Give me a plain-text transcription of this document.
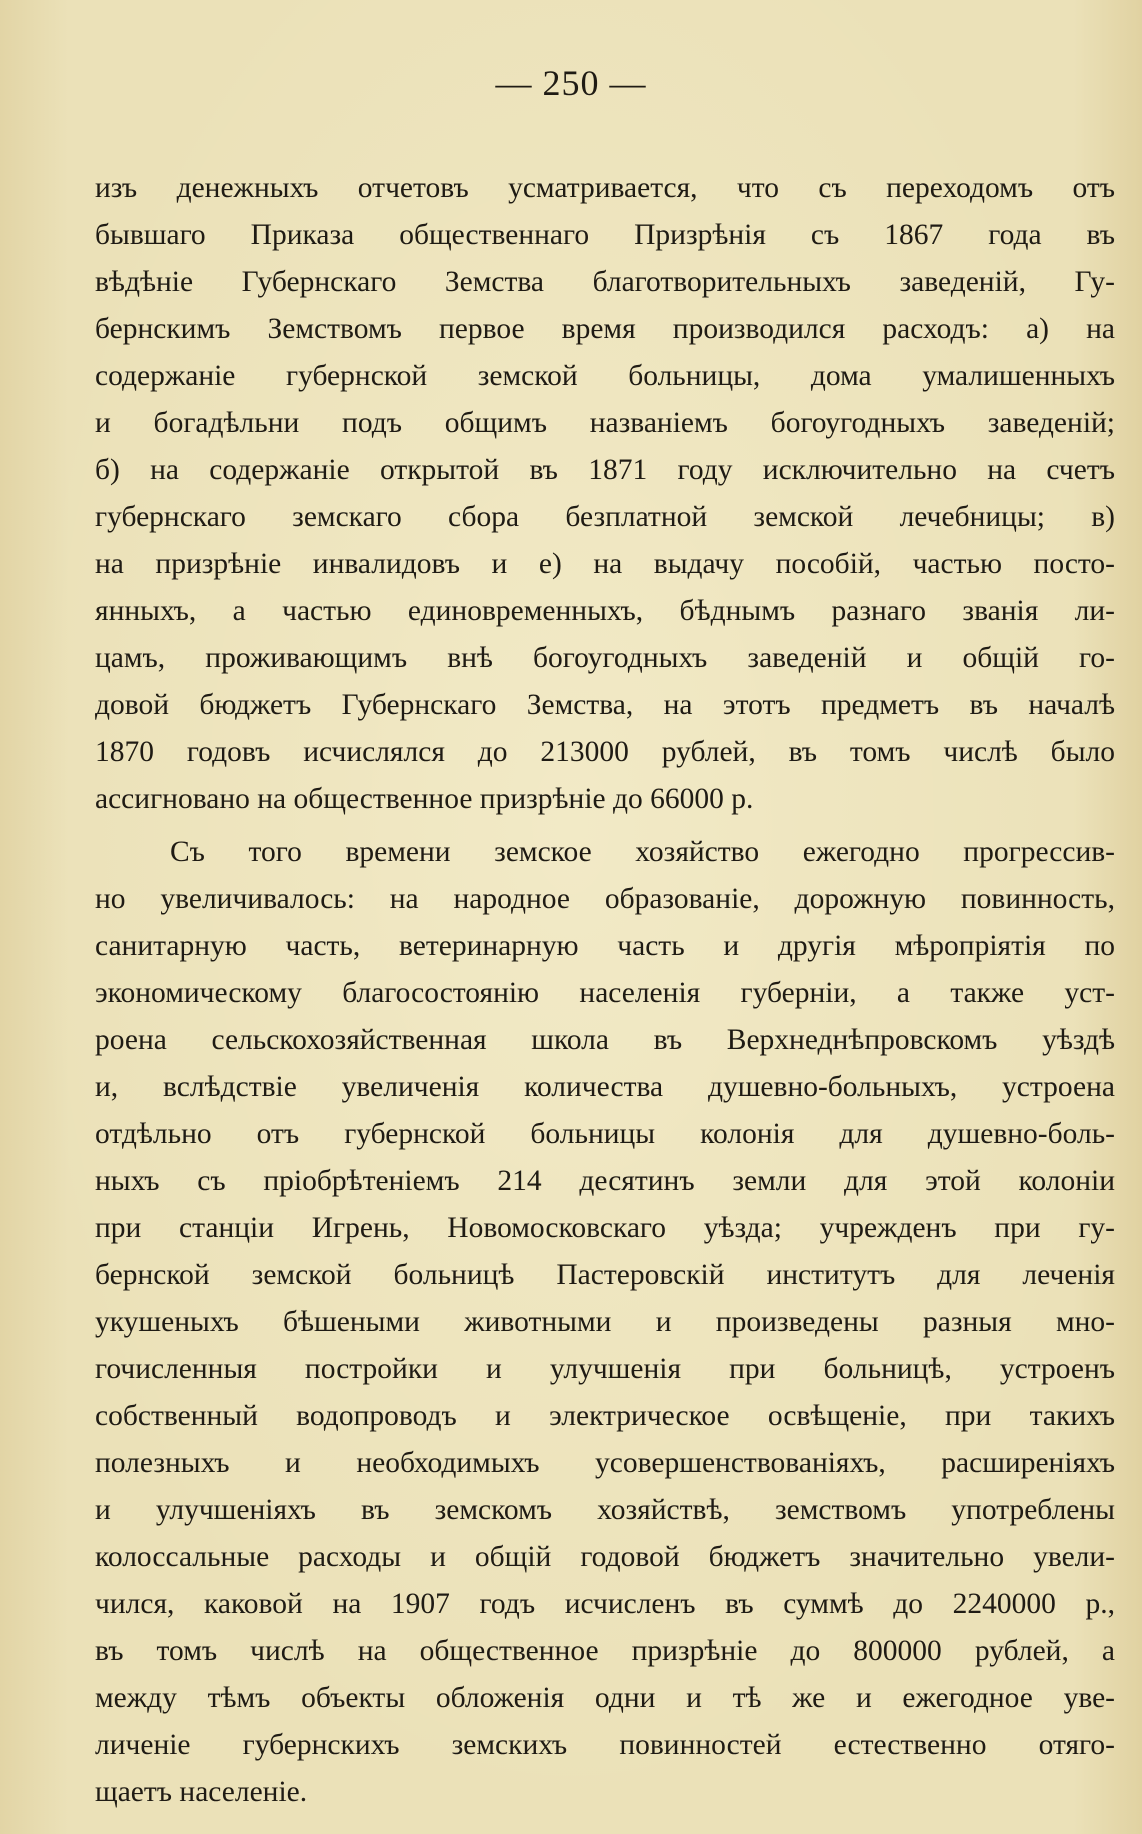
— 250 —
изъ денежныхъ отчетовъ усматривается, что съ переходомъ отъ
бывшаго Приказа общественнаго Призрѣнія съ 1867 года въ
вѣдѣніе Губернскаго Земства благотворительныхъ заведеній, Гу-
бернскимъ Земствомъ первое время производился расходъ: а) на
содержаніе губернской земской больницы, дома умалишенныхъ
и богадѣльни подъ общимъ названіемъ богоугодныхъ заведеній;
б) на содержаніе открытой въ 1871 году исключительно на счетъ
губернскаго земскаго сбора безплатной земской лечебницы; в)
на призрѣніе инвалидовъ и е) на выдачу пособій, частью посто-
янныхъ, а частью единовременныхъ, бѣднымъ разнаго званія ли-
цамъ, проживающимъ внѣ богоугодныхъ заведеній и общій го-
довой бюджетъ Губернскаго Земства, на этотъ предметъ въ началѣ
1870 годовъ исчислялся до 213000 рублей, въ томъ числѣ было
ассигновано на общественное призрѣніе до 66000 р.
Съ того времени земское хозяйство ежегодно прогрессив-
но увеличивалось: на народное образованіе, дорожную повинность,
санитарную часть, ветеринарную часть и другія мѣропріятія по
экономическому благосостоянію населенія губерніи, а также уст-
роена сельскохозяйственная школа въ Верхнеднѣпровскомъ уѣздѣ
и, вслѣдствіе увеличенія количества душевно-больныхъ, устроена
отдѣльно отъ губернской больницы колонія для душевно-боль-
ныхъ съ пріобрѣтеніемъ 214 десятинъ земли для этой колоніи
при станціи Игрень, Новомосковскаго уѣзда; учрежденъ при гу-
бернской земской больницѣ Пастеровскій институтъ для леченія
укушеныхъ бѣшеными животными и произведены разныя мно-
гочисленныя постройки и улучшенія при больницѣ, устроенъ
собственный водопроводъ и электрическое освѣщеніе, при такихъ
полезныхъ и необходимыхъ усовершенствованіяхъ, расширеніяхъ
и улучшеніяхъ въ земскомъ хозяйствѣ, земствомъ употреблены
колоссальные расходы и общій годовой бюджетъ значительно увели-
чился, каковой на 1907 годъ исчисленъ въ суммѣ до 2240000 р.,
въ томъ числѣ на общественное призрѣніе до 800000 рублей, а
между тѣмъ объекты обложенія одни и тѣ же и ежегодное уве-
личеніе губернскихъ земскихъ повинностей естественно отяго-
щаетъ населеніе.
